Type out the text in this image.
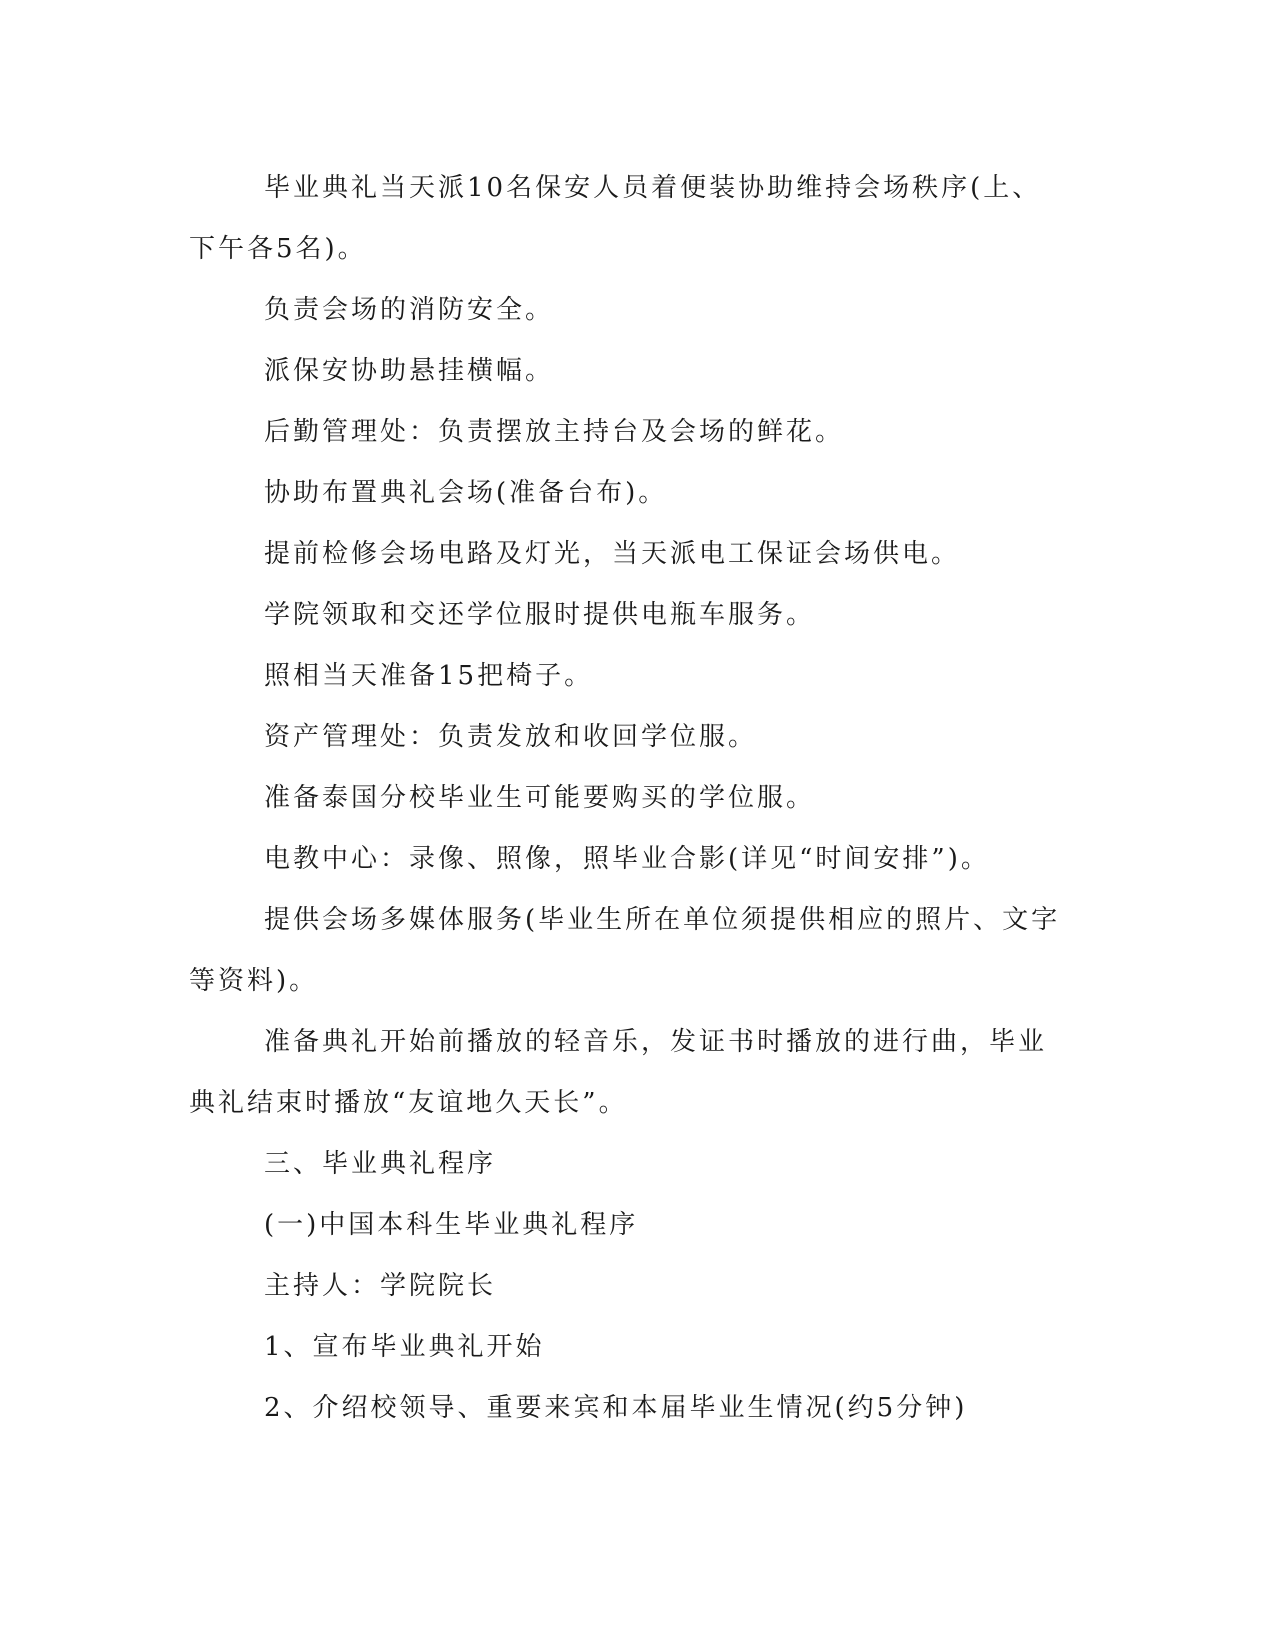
毕业典礼当天派10名保安人员着便装协助维持会场秩序(上、下午各5名)。

负责会场的消防安全。

派保安协助悬挂横幅。

后勤管理处：负责摆放主持台及会场的鲜花。

协助布置典礼会场(准备台布)。

提前检修会场电路及灯光，当天派电工保证会场供电。

学院领取和交还学位服时提供电瓶车服务。

照相当天准备15把椅子。

资产管理处：负责发放和收回学位服。

准备泰国分校毕业生可能要购买的学位服。

电教中心：录像、照像，照毕业合影(详见“时间安排”)。

提供会场多媒体服务(毕业生所在单位须提供相应的照片、文字等资料)。

准备典礼开始前播放的轻音乐，发证书时播放的进行曲，毕业典礼结束时播放“友谊地久天长”。

三、毕业典礼程序

(一)中国本科生毕业典礼程序

主持人：学院院长

1、宣布毕业典礼开始

2、介绍校领导、重要来宾和本届毕业生情况(约5分钟)
